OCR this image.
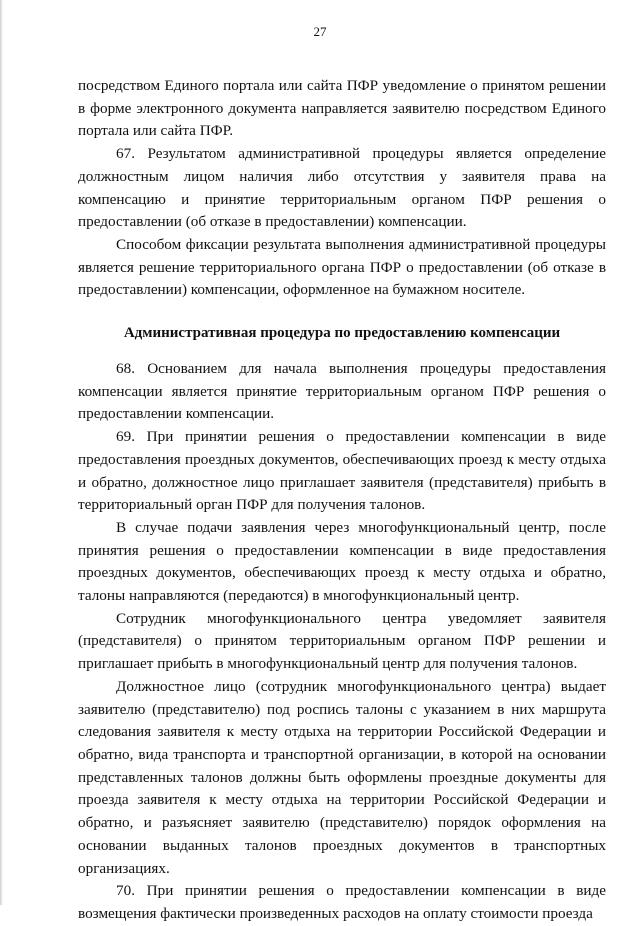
27

посредством Единого портала или сайта ПФР уведомление о принятом решении в форме электронного документа направляется заявителю посредством Единого портала или сайта ПФР.

67. Результатом административной процедуры является определение должностным лицом наличия либо отсутствия у заявителя права на компенсацию и принятие территориальным органом ПФР решения о предоставлении (об отказе в предоставлении) компенсации.

Способом фиксации результата выполнения административной процедуры является решение территориального органа ПФР о предоставлении (об отказе в предоставлении) компенсации, оформленное на бумажном носителе.

Административная процедура по предоставлению компенсации

68. Основанием для начала выполнения процедуры предоставления компенсации является принятие территориальным органом ПФР решения о предоставлении компенсации.

69. При принятии решения о предоставлении компенсации в виде предоставления проездных документов, обеспечивающих проезд к месту отдыха и обратно, должностное лицо приглашает заявителя (представителя) прибыть в территориальный орган ПФР для получения талонов.

В случае подачи заявления через многофункциональный центр, после принятия решения о предоставлении компенсации в виде предоставления проездных документов, обеспечивающих проезд к месту отдыха и обратно, талоны направляются (передаются) в многофункциональный центр.

Сотрудник многофункционального центра уведомляет заявителя (представителя) о принятом территориальным органом ПФР решении и приглашает прибыть в многофункциональный центр для получения талонов.

Должностное лицо (сотрудник многофункционального центра) выдает заявителю (представителю) под роспись талоны с указанием в них маршрута следования заявителя к месту отдыха на территории Российской Федерации и обратно, вида транспорта и транспортной организации, в которой на основании представленных талонов должны быть оформлены проездные документы для проезда заявителя к месту отдыха на территории Российской Федерации и обратно, и разъясняет заявителю (представителю) порядок оформления на основании выданных талонов проездных документов в транспортных организациях.

70. При принятии решения о предоставлении компенсации в виде возмещения фактически произведенных расходов на оплату стоимости проезда
